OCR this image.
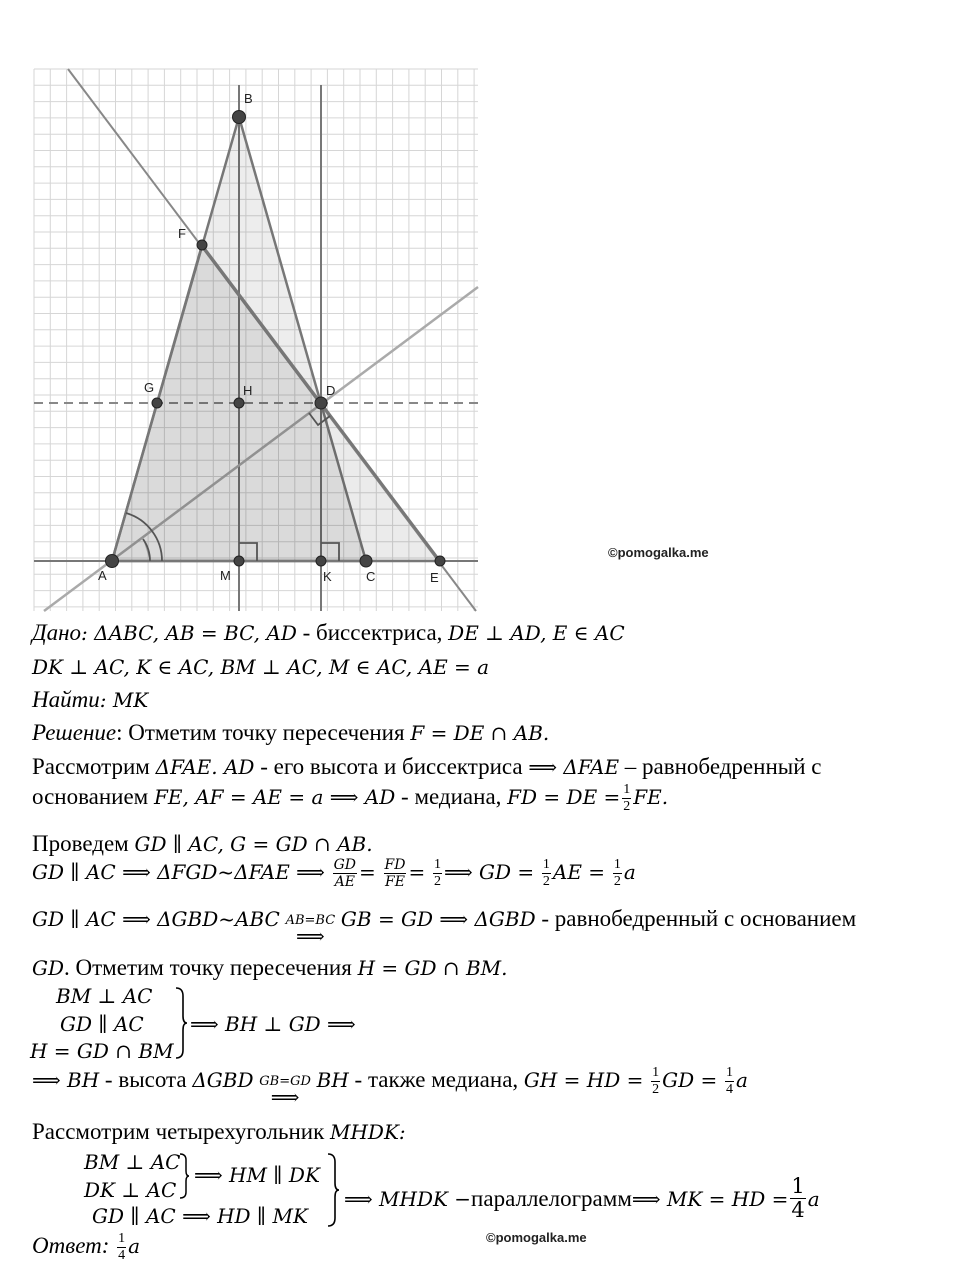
A
B
C
D
E
F
G	H
K
M
©pomogalka.me
Дано: ΔABC, AB = BC, AD - биссектриса, DE ⊥ AD, E ∈ AC
DK ⊥ AC, K ∈ AC, BM ⊥ AC, M ∈ AC, AE = a
Найти: MK
Решение: Отметим точку пересечения F = DE ∩ AB.
Рассмотрим ΔFAE. AD - его высота и биссектриса ⟹ ΔFAE – равнобедренный с
основанием FE, AF = AE = a ⟹ AD - медиана, FD = DE = $\frac{1}{2}$ FE.
Проведем GD ∥ AC, G = GD ∩ AB.
GD ∥ AC ⟹ ΔFGD~ΔFAE ⟹ $\frac{GD}{AE} = \frac{FD}{FE} = \frac{1}{2}$ ⟹ GD = $\frac{1}{2}$ AE = $\frac{1}{2}$ a
GD ∥ AC ⟹ ΔGBD~ABC AB=BC
⟹
GB = GD ⟹ ΔGBD - равнобедренный с основанием
GD. Отметим точку пересечения H = GD ∩ BM.
BM ⊥ AC
GD ∥ AC
H = GD ∩ BM
⟹ BH ⊥ GD ⟹
⟹ BH - высота ΔGBD GB=GD
⟹
BH - также медиана, GH = HD = $\frac{1}{2}$ GD = $\frac{1}{4}$ a
Рассмотрим четырехугольник MHDK:
BM ⊥ AC
DK ⊥ AC
⟹ HM ∥ DK
GD ∥ AC ⟹ HD ∥ MK
⟹ MHDK − параллелограмм ⟹ MK = HD = $\frac{1}{4}$ a
Ответ: $\frac{1}{4}$ a	©pomogalka.me
